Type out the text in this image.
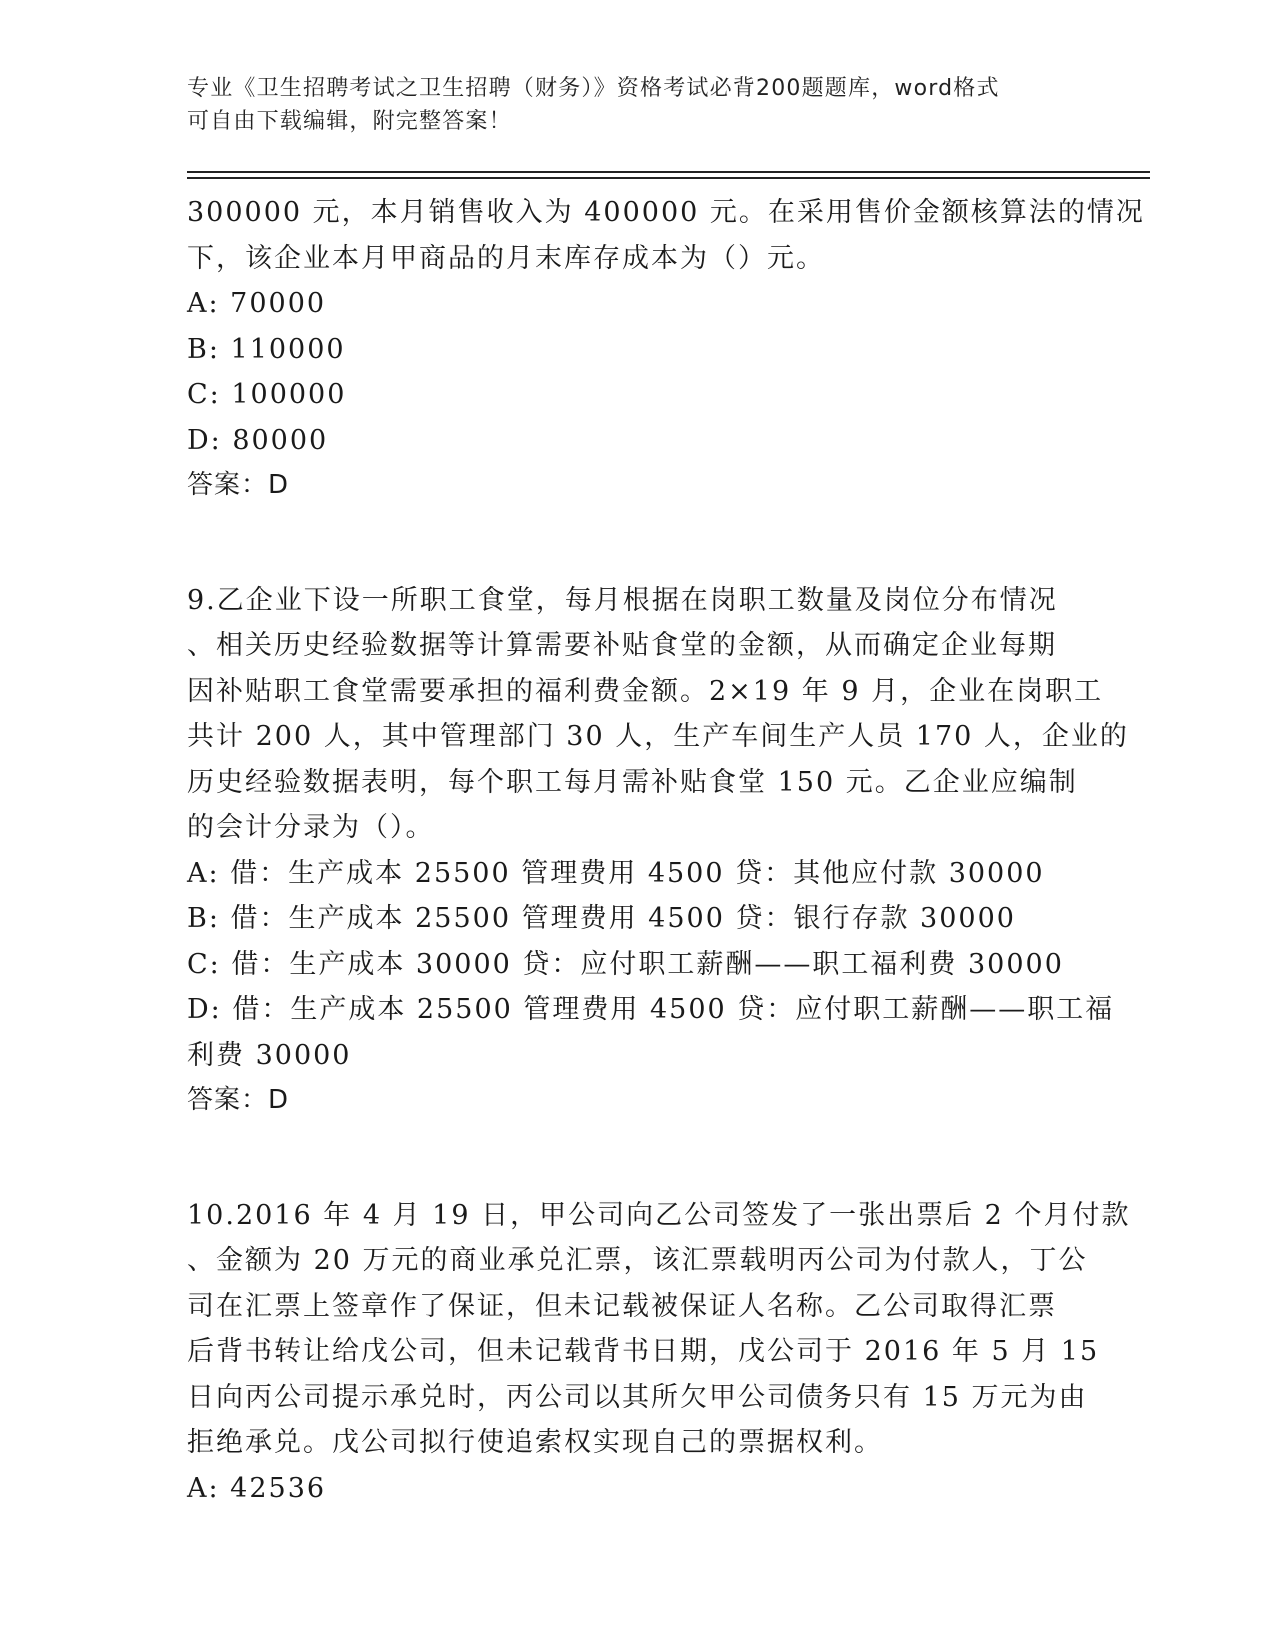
专业《卫生招聘考试之卫生招聘（财务）》资格考试必背200题题库，word格式
可自由下载编辑，附完整答案！
300000 元，本月销售收入为 400000 元。在采用售价金额核算法的情况
下，该企业本月甲商品的月末库存成本为（）元。
A: 70000
B: 110000
C: 100000
D: 80000
答案：D
9.乙企业下设一所职工食堂，每月根据在岗职工数量及岗位分布情况
、相关历史经验数据等计算需要补贴食堂的金额，从而确定企业每期
因补贴职工食堂需要承担的福利费金额。2×19 年 9 月，企业在岗职工
共计 200 人，其中管理部门 30 人，生产车间生产人员 170 人，企业的
历史经验数据表明，每个职工每月需补贴食堂 150 元。乙企业应编制
的会计分录为（）。
A: 借：生产成本 25500 管理费用 4500 贷：其他应付款 30000
B: 借：生产成本 25500 管理费用 4500 贷：银行存款 30000
C: 借：生产成本 30000 贷：应付职工薪酬——职工福利费 30000
D: 借：生产成本 25500 管理费用 4500 贷：应付职工薪酬——职工福
利费 30000
答案：D
10.2016 年 4 月 19 日，甲公司向乙公司签发了一张出票后 2 个月付款
、金额为 20 万元的商业承兑汇票，该汇票载明丙公司为付款人，丁公
司在汇票上签章作了保证，但未记载被保证人名称。乙公司取得汇票
后背书转让给戊公司，但未记载背书日期，戊公司于 2016 年 5 月 15
日向丙公司提示承兑时，丙公司以其所欠甲公司债务只有 15 万元为由
拒绝承兑。戊公司拟行使追索权实现自己的票据权利。
A: 42536
